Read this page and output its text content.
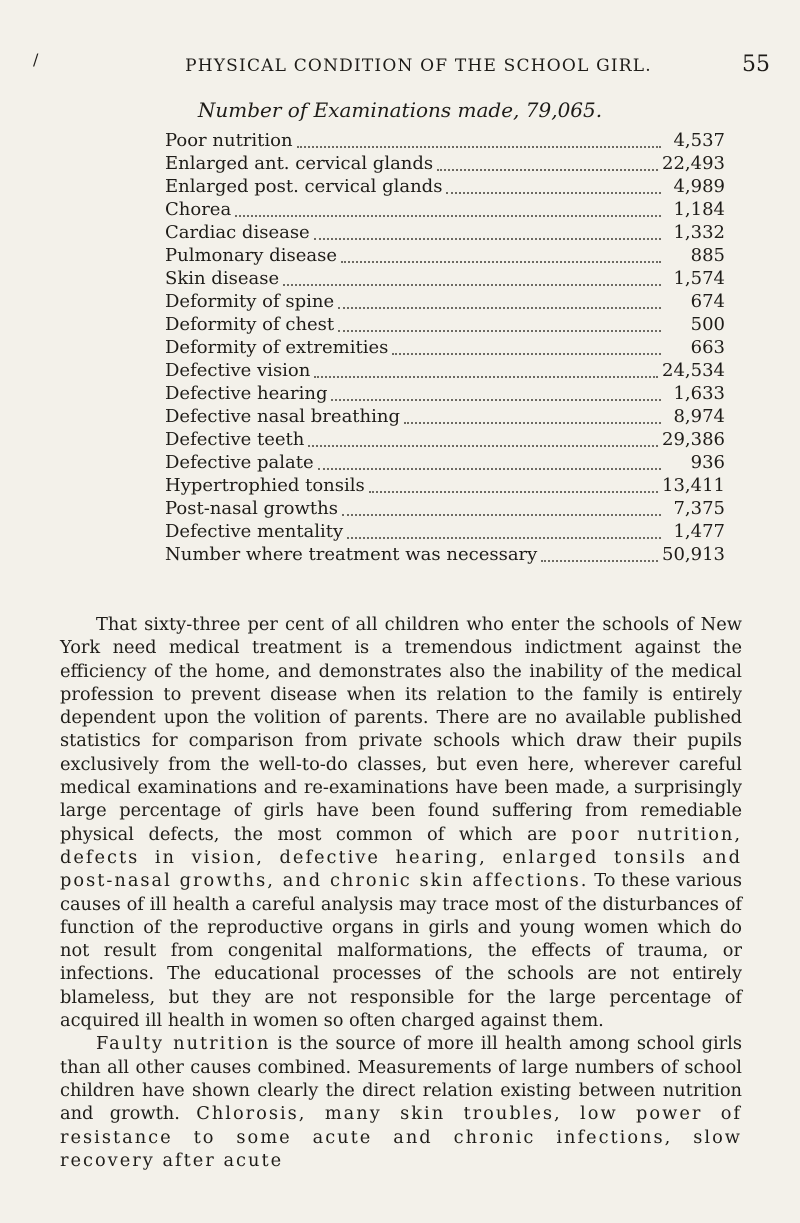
/	PHYSICAL CONDITION OF THE SCHOOL GIRL.	55
Number of Examinations made, 79,065.
Poor nutrition	4,537
Enlarged ant. cervical glands	22,493
Enlarged post. cervical glands	4,989
Chorea	1,184
Cardiac disease	1,332
Pulmonary disease	885
Skin disease	1,574
Deformity of spine	674
Deformity of chest	500
Deformity of extremities	663
Defective vision	24,534
Defective hearing	1,633
Defective nasal breathing	8,974
Defective teeth	29,386
Defective palate	936
Hypertrophied tonsils	13,411
Post-nasal growths	7,375
Defective mentality	1,477
Number where treatment was necessary	50,913

That sixty-three per cent of all children who enter the schools of New York need medical treatment is a tremendous indictment against the efficiency of the home, and demonstrates also the inability of the medical profession to prevent disease when its relation to the family is entirely dependent upon the volition of parents. There are no available published statistics for comparison from private schools which draw their pupils exclusively from the well-to-do classes, but even here, wherever careful medical examinations and re-examinations have been made, a surprisingly large percentage of girls have been found suffering from remediable physical defects, the most common of which are poor nutrition, defects in vision, defective hearing, enlarged tonsils and post-nasal growths, and chronic skin affections. To these various causes of ill health a careful analysis may trace most of the disturbances of function of the reproductive organs in girls and young women which do not result from congenital malformations, the effects of trauma, or infections. The educational processes of the schools are not entirely blameless, but they are not responsible for the large percentage of acquired ill health in women so often charged against them.

Faulty nutrition is the source of more ill health among school girls than all other causes combined. Measurements of large numbers of school children have shown clearly the direct relation existing between nutrition and growth. Chlorosis, many skin troubles, low power of resistance to some acute and chronic infections, slow recovery after acute
